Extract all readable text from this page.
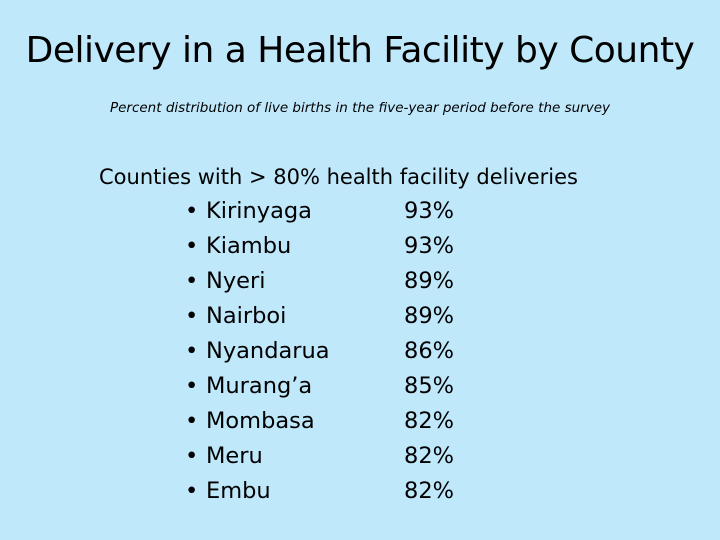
Delivery in a Health Facility by County
Percent distribution of live births in the five-year period before the survey
Counties with > 80% health facility deliveries
• Kirinyaga	93%
• Kiambu	93%
• Nyeri	89%
• Nairboi	89%
• Nyandarua	86%
• Murang’a	85%
• Mombasa	82%
• Meru	82%
• Embu	82%
